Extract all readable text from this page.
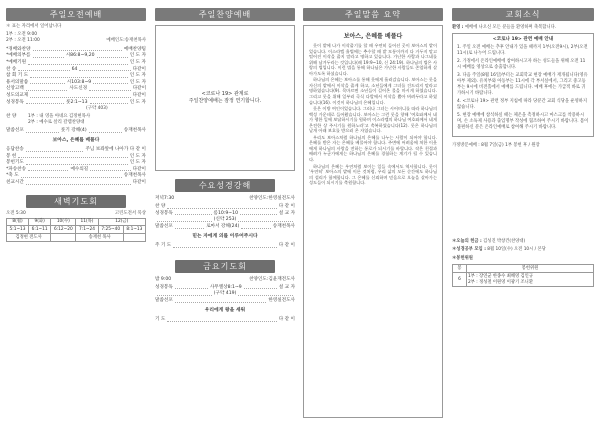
주일오전예배
＊ 표는 자리에서 일어납니다
1부 : 오전 9:00
2부 : 오전 11:00	예배인도:송재천목사
*경배와찬양	예배찬양팀
*예배의부름	시86:8~9,20	인 도 자
*예배기원	인 도 자
찬 송	64	다같이
참 회 기 도	인 도 자
용서의말씀	시103:8~9	인 도 자
신앙고백	사도신경	다같이
성도의교제	다같이
성경봉독	룻2:1~13	인 도 자
(구약 403)
찬 양	1부 : 내 영을 아네요 김정현목사
2부 : 예수로 살리 갈렙찬양대
말씀선포	룻기 강해(4)	송재천목사
보아스, 은혜를 베풀다
응답찬송	주님 보좌앞에 나아가 다 같 이
봉 헌	인 도 자
봉헌기도	인 도 자
*파송찬송	예수의길	다같이
*축 도	송재천목사
친교시간	다같이
새벽기도회
오전 5:30	고린도전서 묵상
8(월)	9(화)	10(수)	11(목)	12(금)	
5:1~13	6:1~11	6:12~20	7:1~24	7:25~40	8:1~13
김정현 전도사			송재천 목사		
주일찬양예배
<코로나 19> 관계로
주일찬양예배는 잠정 연기합니다.
수요성경강해
저녁7:30	찬양인도:한영실전도사
찬 양	다 같 이
성경봉독	롬10:9~10	설 교 자
(신약 253)
말씀선포	로마서 강해(24)	송재천목사
믿는 자에게 의를 이루어주시다
주 기 도	다 같 이
금요기도회
밤 9:00	찬양인도:김윤재전도사
성경봉독	사무엘상8:1~9	설 교 자
(구약 419)
말씀선포	한영실전도사
우리에게 왕을 세워
기 도	다 같 이
주일말씀 요약
보아스, 은혜를 베풀다

룻이 밭에 나가 이삭줍기를 할 때 우연히 들어선 곳이 보아스의 밭이었습니다. 이스라엘 율법에는 추수할 때 밭 모퉁이까지 다 거두지 말고 떨어진 이삭을 줍지 말라고 명하고 있습니다. 가난한 사람과 나그네를 위해 남겨두라는 것입니다(레 19:9~10, 신 24:19). 하나님의 법은 사랑의 법입니다. 이런 법을 통해 하나님은 가난한 사람들도 존엄하게 살아가도록 하셨습니다.

하나님의 은혜는 보아스를 통해 룻에게 흘러갔습니다. 보아스는 룻을 자신의 밭에서 이삭을 줍게 하고, 소년들에게 그녀를 건드리지 말라고 명하였습니다(9). 목마르면 소년들이 길어온 물을 마시게 하였습니다. 그리고 룻을 위해 일부러 곡식 다발에서 이삭을 뽑아 버려두라고 하였습니다(16). 이것이 하나님의 은혜입니다.

룻은 이방 여인이었습니다. 그러나 그녀는 시어머니를 따라 하나님의 백성 가운데로 들어왔습니다. 보아스는 그런 룻을 향해 '여호와께서 네가 행한 일에 보답하시기를 원하며 이스라엘의 하나님 여호와께서 네게 온전한 상 주시기를 원하노라'고 축복하였습니다(12). 룻은 하나님의 날개 아래 보호를 받으러 온 자였습니다.

우리도 보아스처럼 하나님의 은혜를 나누는 사람이 되어야 합니다. 은혜를 받은 자는 은혜를 베풀어야 합니다. 주변에 어려움에 처한 이웃에게 하나님의 사랑을 전하는 통로가 되시기를 바랍니다. 작은 친절과 배려가 누군가에게는 하나님의 은혜를 경험하는 계기가 될 수 있습니다.

하나님의 은혜는 우연처럼 보이는 일들 속에서도 역사합니다. 룻이 '우연히' 보아스의 밭에 이른 것처럼, 우리 삶의 모든 순간에도 하나님의 섭리가 함께합니다. 그 은혜를 신뢰하며 믿음으로 오늘을 살아가는 성도들이 되시기를 축원합니다.

교회소식
환영 : 예배에 나오신 모든 분들을 환영하며 축복합니다.
<코로나 19> 관련 예배 안내
1. 주일 오전 예배는 추후 안내가 있을 때까지 1부(오전9시), 2부(오전11시)로 나누어 드립니다.
2. 가정에서 온라인예배에 참여하시고자 하는 성도들을 위해 오전 11시 예배를 영상으로 송출합니다.
3. 다음 주일(8월 16일)부터는 교회학교 현장 예배가 재개됩니다(영유아부 제외). 유치부와 아동부는 11시에 각 부서실에서, 그리고 중고등부는 9시에 비전홀에서 예배를 드립니다. 예배 후에는 가급적 바로 귀가하시기 바랍니다.
4. <코로나 19> 관련 정부 지침에 따라 당분간 교회 식당을 운영하지 않습니다.
5. 현장 예배에 참석하실 때는 체온을 측정하시고 마스크를 착용하시며, 손 소독제 사용과 출입명부 작성에 협조하여 주시기 바랍니다. 몸이 불편하신 분은 온라인예배로 참여해 주시기 바랍니다.
가정방문예배 : 8월 7일(금) 1부 봉헌 후 / 원장
＊오늘의 헌금 : 김성진 박창건(찬양대)
＊성경공부 모임 : 8월 10일(수) 오전 10시 / 본당
＊봉헌위원
봉	봉헌위원
6	1부 : 장연균 한종수 최해영 김인규
2부 : 정성철 이원영 이광기 조니환
